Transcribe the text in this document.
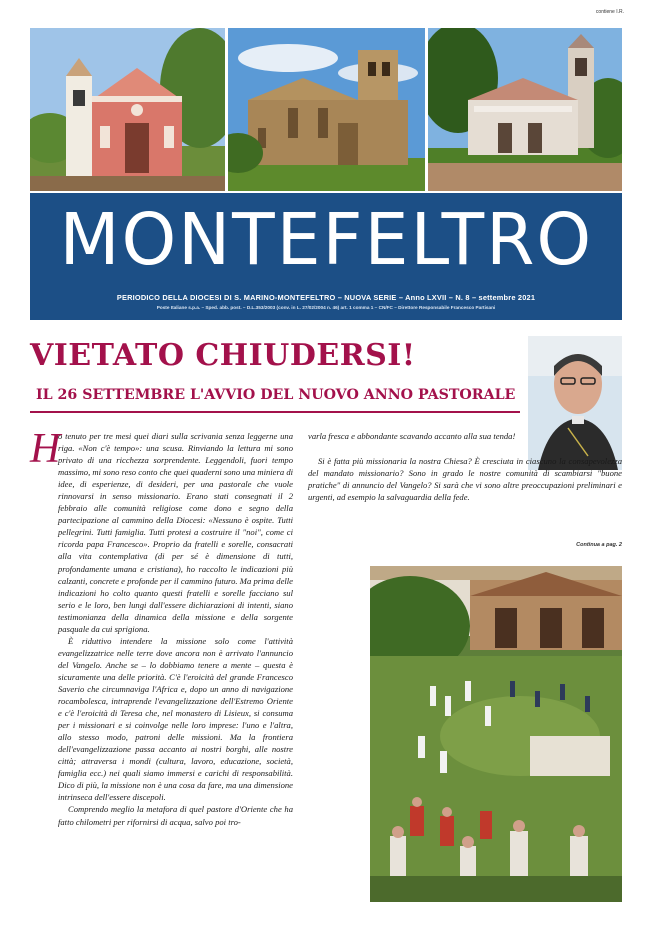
contiene I.R.
MONTEFELTRO
PERIODICO DELLA DIOCESI DI S. MARINO-MONTEFELTRO – NUOVA SERIE – Anno LXVII – N. 8 – settembre 2021
Poste Italiane s.p.a. – Sped. abb. post. – D.L.353/2003 (conv. in L. 27/02/2004 n. 46) art. 1 comma 1 – CN/FC – Direttore Responsabile Francesco Partisani
VIETATO CHIUDERSI!
IL 26 SETTEMBRE L'AVVIO DEL NUOVO ANNO PASTORALE
H

o tenuto per tre mesi quei diari sulla scrivania senza leggerne una riga. «Non c'è tempo»: una scusa. Rinviando la lettura mi sono privato di una ricchezza sorprendente. Leggendoli, fuori tempo massimo, mi sono reso conto che quei quaderni sono una miniera di idee, di esperienze, di desideri, per una pastorale che vuole rinnovarsi in senso missionario. Erano stati consegnati il 2 febbraio alle comunità religiose come dono e segno della partecipazione al cammino della Diocesi: «Nessuno è ospite. Tutti pellegrini. Tutti famiglia. Tutti protesi a costruire il "noi", come ci ricorda papa Francesco». Proprio da fratelli e sorelle, consacrati alla vita contemplativa (di per sé è dimensione di tutti, profondamente umana e cristiana), ho raccolto le indicazioni più calzanti, concrete e profonde per il cammino futuro. Ma prima delle indicazioni ho colto quanto questi fratelli e sorelle facciano sul serio e le loro, ben lungi dall'essere dichiarazioni di intenti, siano testimonianza della dinamica della missione e della sorgente pasquale da cui sprigiona.

È riduttivo intendere la missione solo come l'attività evangelizzatrice nelle terre dove ancora non è arrivato l'annuncio del Vangelo. Anche se – lo dobbiamo tenere a mente – questa è sicuramente una delle priorità. C'è l'eroicità del grande Francesco Saverio che circumnaviga l'Africa e, dopo un anno di navigazione rocambolesca, intraprende l'evangelizzazione dell'Estremo Oriente e c'è l'eroicità di Teresa che, nel monastero di Lisieux, si consuma per i missionari e si coinvolge nelle loro imprese: l'uno e l'altra, allo stesso modo, patroni delle missioni. Ma la frontiera dell'evangelizzazione passa accanto ai nostri borghi, alle nostre città; attraversa i mondi (cultura, lavoro, educazione, società, famiglia ecc.) nei quali siamo immersi e carichi di responsabilità. Dico di più, la missione non è una cosa da fare, ma una dimensione intrinseca dell'essere discepoli.

Comprendo meglio la metafora di quel pastore d'Oriente che ha fatto chilometri per rifornirsi di acqua, salvo poi tro-

varla fresca e abbondante scavando accanto alla sua tenda!

Si è fatta più missionaria la nostra Chiesa? È cresciuta in ciascuno la consapevolezza del mandato missionario? Sono in grado le nostre comunità di scambiarsi "buone pratiche" di annuncio del Vangelo? Si sarà che vi sono altre preoccupazioni preliminari e urgenti, ad esempio la salvaguardia della fede.

Continua a pag. 2
